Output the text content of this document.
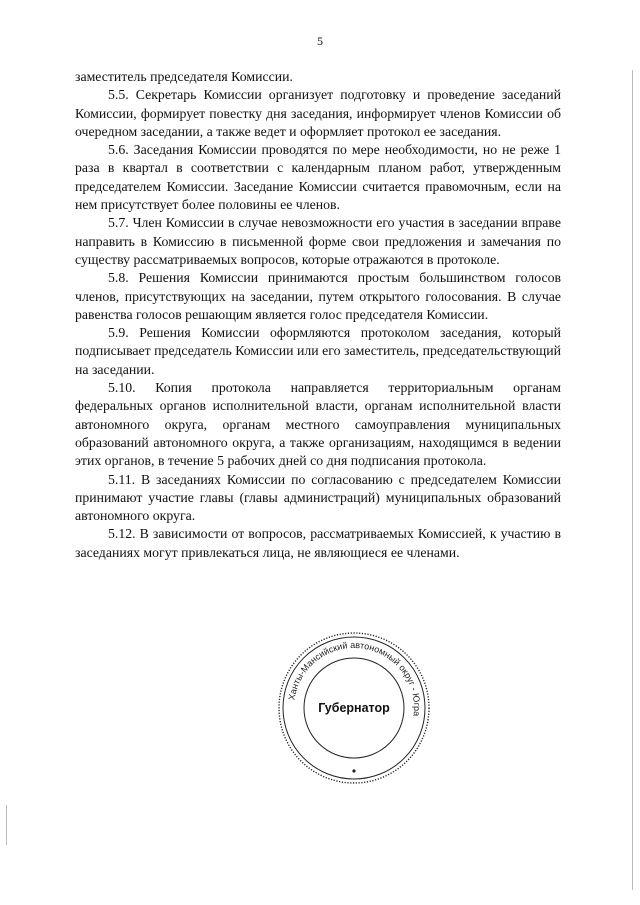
5

заместитель председателя Комиссии.

5.5. Секретарь Комиссии организует подготовку и проведение заседаний Комиссии, формирует повестку дня заседания, информирует членов Комиссии об очередном заседании, а также ведет и оформляет протокол ее заседания.

5.6. Заседания Комиссии проводятся по мере необходимости, но не реже 1 раза в квартал в соответствии с календарным планом работ, утвержденным председателем Комиссии. Заседание Комиссии считается правомочным, если на нем присутствует более половины ее членов.

5.7. Член Комиссии в случае невозможности его участия в заседании вправе направить в Комиссию в письменной форме свои предложения и замечания по существу рассматриваемых вопросов, которые отражаются в протоколе.

5.8. Решения Комиссии принимаются простым большинством голосов членов, присутствующих на заседании, путем открытого голосования. В случае равенства голосов решающим является голос председателя Комиссии.

5.9. Решения Комиссии оформляются протоколом заседания, который подписывает председатель Комиссии или его заместитель, председательствующий на заседании.

5.10. Копия протокола направляется территориальным органам федеральных органов исполнительной власти, органам исполнительной власти автономного округа, органам местного самоуправления муниципальных образований автономного округа, а также организациям, находящимся в ведении этих органов, в течение 5 рабочих дней со дня подписания протокола.

5.11. В заседаниях Комиссии по согласованию с председателем Комиссии принимают участие главы (главы администраций) муниципальных образований автономного округа.

5.12. В зависимости от вопросов, рассматриваемых Комиссией, к участию в заседаниях могут привлекаться лица, не являющиеся ее членами.

Ханты-Мансийский автономный округ - Югра
Губернатор
